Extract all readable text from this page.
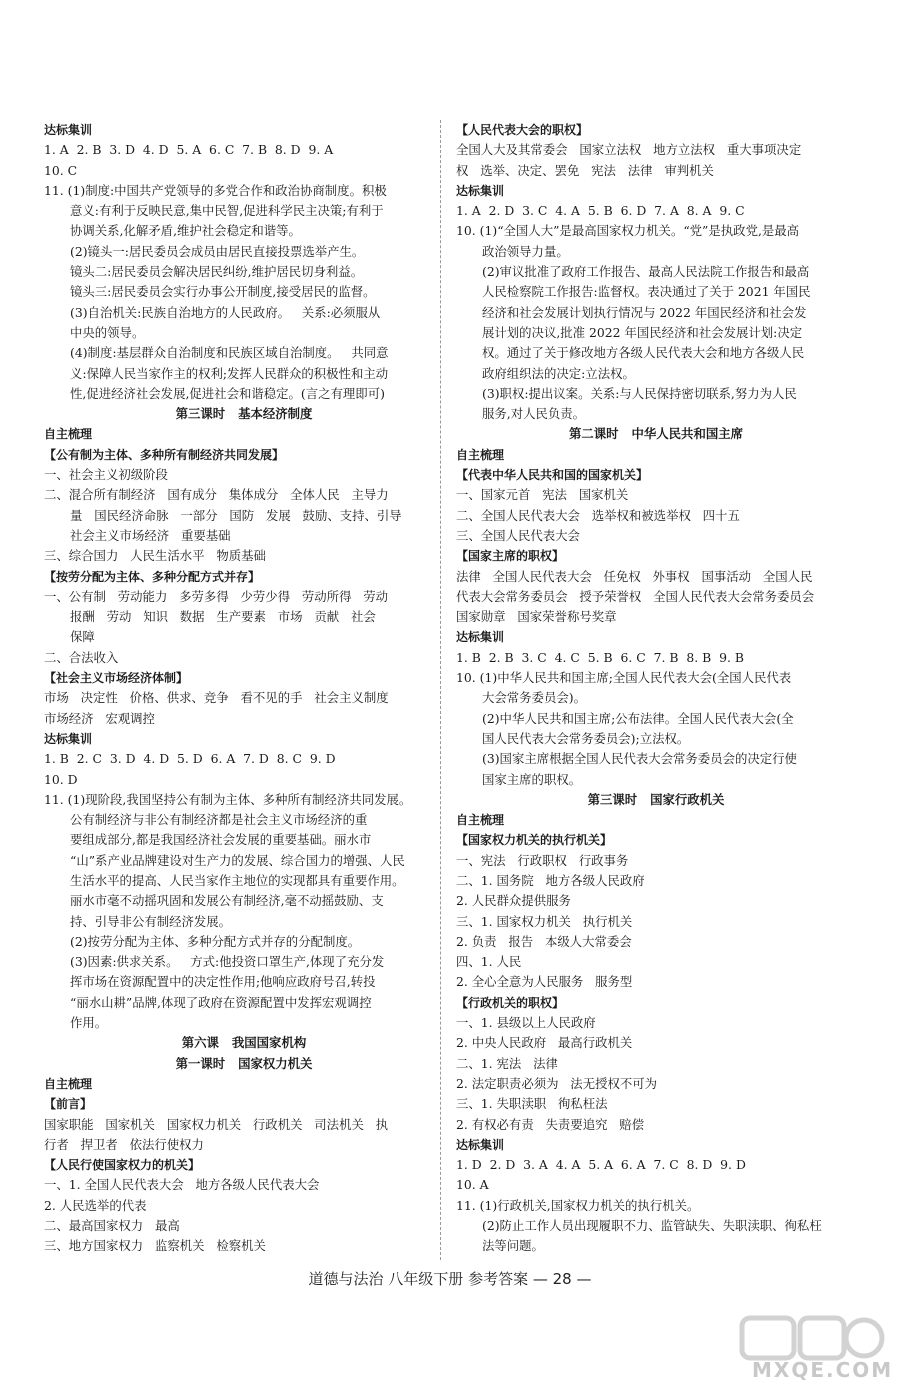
达标集训
1. A  2. B  3. D  4. D  5. A  6. C  7. B  8. D  9. A
10. C
11. (1)制度:中国共产党领导的多党合作和政治协商制度。积极
意义:有利于反映民意,集中民智,促进科学民主决策;有利于
协调关系,化解矛盾,维护社会稳定和谐等。
(2)镜头一:居民委员会成员由居民直接投票选举产生。
镜头二:居民委员会解决居民纠纷,维护居民切身利益。
镜头三:居民委员会实行办事公开制度,接受居民的监督。
(3)自治机关:民族自治地方的人民政府。   关系:必须服从
中央的领导。
(4)制度:基层群众自治制度和民族区域自治制度。   共同意
义:保障人民当家作主的权利;发挥人民群众的积极性和主动
性,促进经济社会发展,促进社会和谐稳定。(言之有理即可)
第三课时   基本经济制度
自主梳理
【公有制为主体、多种所有制经济共同发展】
一、社会主义初级阶段
二、混合所有制经济   国有成分   集体成分   全体人民   主导力
量   国民经济命脉   一部分   国防   发展   鼓励、支持、引导
社会主义市场经济   重要基础
三、综合国力   人民生活水平   物质基础
【按劳分配为主体、多种分配方式并存】
一、公有制   劳动能力   多劳多得   少劳少得   劳动所得   劳动
报酬   劳动   知识   数据   生产要素   市场   贡献   社会
保障
二、合法收入
【社会主义市场经济体制】
市场   决定性   价格、供求、竞争   看不见的手   社会主义制度
市场经济   宏观调控
达标集训
1. B  2. C  3. D  4. D  5. D  6. A  7. D  8. C  9. D
10. D
11. (1)现阶段,我国坚持公有制为主体、多种所有制经济共同发展。
公有制经济与非公有制经济都是社会主义市场经济的重
要组成部分,都是我国经济社会发展的重要基础。丽水市
“山”系产业品牌建设对生产力的发展、综合国力的增强、人民
生活水平的提高、人民当家作主地位的实现都具有重要作用。
丽水市毫不动摇巩固和发展公有制经济,毫不动摇鼓励、支
持、引导非公有制经济发展。
(2)按劳分配为主体、多种分配方式并存的分配制度。
(3)因素:供求关系。   方式:他投资口罩生产,体现了充分发
挥市场在资源配置中的决定性作用;他响应政府号召,转投
“丽水山耕”品牌,体现了政府在资源配置中发挥宏观调控
作用。
第六课   我国国家机构
第一课时   国家权力机关
自主梳理
【前言】
国家职能   国家机关   国家权力机关   行政机关   司法机关   执
行者   捍卫者   依法行使权力
【人民行使国家权力的机关】
一、1. 全国人民代表大会   地方各级人民代表大会
2. 人民选举的代表
二、最高国家权力   最高
三、地方国家权力   监察机关   检察机关
【人民代表大会的职权】
全国人大及其常委会   国家立法权   地方立法权   重大事项决定
权   选举、决定、罢免   宪法   法律   审判机关
达标集训
1. A  2. D  3. C  4. A  5. B  6. D  7. A  8. A  9. C
10. (1)“全国人大”是最高国家权力机关。“党”是执政党,是最高
政治领导力量。
(2)审议批准了政府工作报告、最高人民法院工作报告和最高
人民检察院工作报告:监督权。表决通过了关于 2021 年国民
经济和社会发展计划执行情况与 2022 年国民经济和社会发
展计划的决议,批准 2022 年国民经济和社会发展计划:决定
权。通过了关于修改地方各级人民代表大会和地方各级人民
政府组织法的决定:立法权。
(3)职权:提出议案。关系:与人民保持密切联系,努力为人民
服务,对人民负责。
第二课时   中华人民共和国主席
自主梳理
【代表中华人民共和国的国家机关】
一、国家元首   宪法   国家机关
二、全国人民代表大会   选举权和被选举权   四十五
三、全国人民代表大会
【国家主席的职权】
法律   全国人民代表大会   任免权   外事权   国事活动   全国人民
代表大会常务委员会   授予荣誉权   全国人民代表大会常务委员会
国家勋章   国家荣誉称号奖章
达标集训
1. B  2. B  3. C  4. C  5. B  6. C  7. B  8. B  9. B
10. (1)中华人民共和国主席;全国人民代表大会(全国人民代表
大会常务委员会)。
(2)中华人民共和国主席;公布法律。全国人民代表大会(全
国人民代表大会常务委员会);立法权。
(3)国家主席根据全国人民代表大会常务委员会的决定行使
国家主席的职权。
第三课时   国家行政机关
自主梳理
【国家权力机关的执行机关】
一、宪法   行政职权   行政事务
二、1. 国务院   地方各级人民政府
2. 人民群众提供服务
三、1. 国家权力机关   执行机关
2. 负责   报告   本级人大常委会
四、1. 人民
2. 全心全意为人民服务   服务型
【行政机关的职权】
一、1. 县级以上人民政府
2. 中央人民政府   最高行政机关
二、1. 宪法   法律
2. 法定职责必须为   法无授权不可为
三、1. 失职渎职   徇私枉法
2. 有权必有责   失责要追究   赔偿
达标集训
1. D  2. D  3. A  4. A  5. A  6. A  7. C  8. D  9. D
10. A
11. (1)行政机关,国家权力机关的执行机关。
(2)防止工作人员出现履职不力、监管缺失、失职渎职、徇私枉
法等问题。
道德与法治 八年级下册 参考答案 — 28 —
MXQE.COM
